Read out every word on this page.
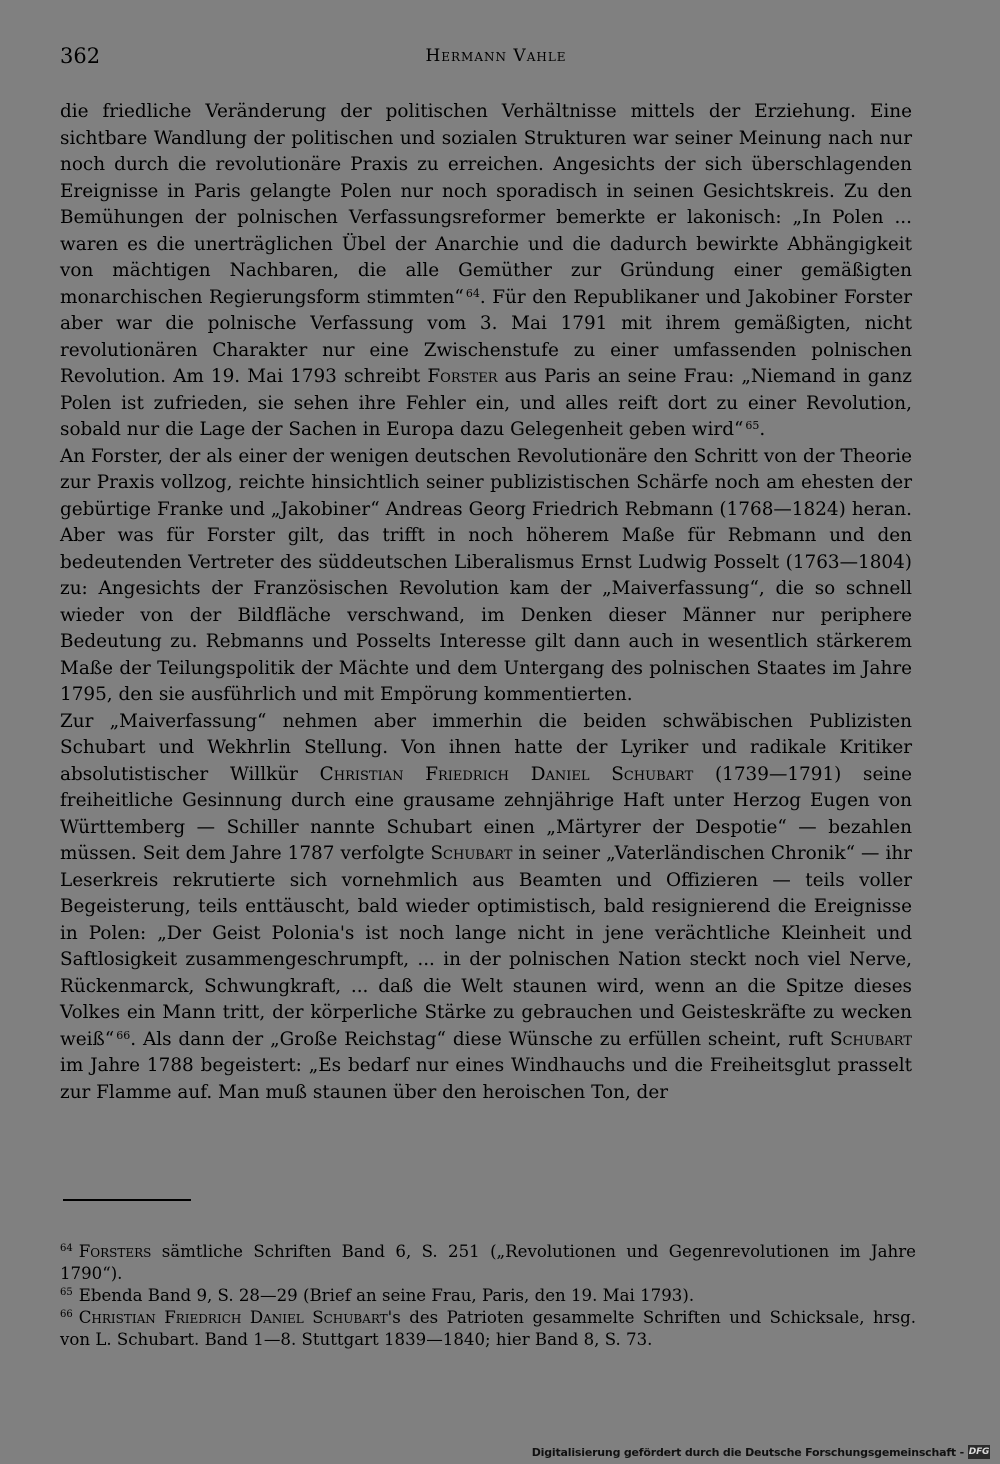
362	Hermann Vahle

die friedliche Veränderung der politischen Verhältnisse mittels der Erziehung. Eine sichtbare Wandlung der politischen und sozialen Strukturen war seiner Meinung nach nur noch durch die revolutionäre Praxis zu erreichen. Angesichts der sich überschlagenden Ereignisse in Paris gelangte Polen nur noch sporadisch in seinen Gesichtskreis. Zu den Bemühungen der polnischen Verfassungsreformer bemerkte er lakonisch: „In Polen ... waren es die unerträglichen Übel der Anarchie und die dadurch bewirkte Abhängigkeit von mächtigen Nachbaren, die alle Gemüther zur Gründung einer gemäßigten monarchischen Regierungsform stimmten“ $^{64}$. Für den Republikaner und Jakobiner Forster aber war die polnische Verfassung vom 3. Mai 1791 mit ihrem gemäßigten, nicht revolutionären Charakter nur eine Zwischenstufe zu einer umfassenden polnischen Revolution. Am 19. Mai 1793 schreibt Forster aus Paris an seine Frau: „Niemand in ganz Polen ist zufrieden, sie sehen ihre Fehler ein, und alles reift dort zu einer Revolution, sobald nur die Lage der Sachen in Europa dazu Gelegenheit geben wird“ $^{65}$.

An Forster, der als einer der wenigen deutschen Revolutionäre den Schritt von der Theorie zur Praxis vollzog, reichte hinsichtlich seiner publizistischen Schärfe noch am ehesten der gebürtige Franke und „Jakobiner“ Andreas Georg Friedrich Rebmann (1768—1824) heran. Aber was für Forster gilt, das trifft in noch höherem Maße für Rebmann und den bedeutenden Vertreter des süddeutschen Liberalismus Ernst Ludwig Posselt (1763—1804) zu: Angesichts der Französischen Revolution kam der „Maiverfassung“, die so schnell wieder von der Bildfläche verschwand, im Denken dieser Männer nur periphere Bedeutung zu. Rebmanns und Posselts Interesse gilt dann auch in wesentlich stärkerem Maße der Teilungspolitik der Mächte und dem Untergang des polnischen Staates im Jahre 1795, den sie ausführlich und mit Empörung kommentierten.

Zur „Maiverfassung“ nehmen aber immerhin die beiden schwäbischen Publizisten Schubart und Wekhrlin Stellung. Von ihnen hatte der Lyriker und radikale Kritiker absolutistischer Willkür Christian Friedrich Daniel Schubart (1739—1791) seine freiheitliche Gesinnung durch eine grausame zehnjährige Haft unter Herzog Eugen von Württemberg — Schiller nannte Schubart einen „Märtyrer der Despotie“ — bezahlen müssen. Seit dem Jahre 1787 verfolgte Schubart in seiner „Vaterländischen Chronik“ — ihr Leserkreis rekrutierte sich vornehmlich aus Beamten und Offizieren — teils voller Begeisterung, teils enttäuscht, bald wieder optimistisch, bald resignierend die Ereignisse in Polen: „Der Geist Polonia's ist noch lange nicht in jene verächtliche Kleinheit und Saftlosigkeit zusammengeschrumpft, ... in der polnischen Nation steckt noch viel Nerve, Rückenmarck, Schwungkraft, ... daß die Welt staunen wird, wenn an die Spitze dieses Volkes ein Mann tritt, der körperliche Stärke zu gebrauchen und Geisteskräfte zu wecken weiß“ $^{66}$. Als dann der „Große Reichstag“ diese Wünsche zu erfüllen scheint, ruft Schubart im Jahre 1788 begeistert: „Es bedarf nur eines Windhauchs und die Freiheitsglut prasselt zur Flamme auf. Man muß staunen über den heroischen Ton, der

$^{64}$ Forsters sämtliche Schriften Band 6, S. 251 („Revolutionen und Gegenrevolutionen im Jahre 1790“).

$^{65}$ Ebenda Band 9, S. 28—29 (Brief an seine Frau, Paris, den 19. Mai 1793).

$^{66}$ Christian Friedrich Daniel Schubart's des Patrioten gesammelte Schriften und Schicksale, hrsg. von L. Schubart. Band 1—8. Stuttgart 1839—1840; hier Band 8, S. 73.

Digitalisierung gefördert durch die Deutsche Forschungsgemeinschaft - DFG
